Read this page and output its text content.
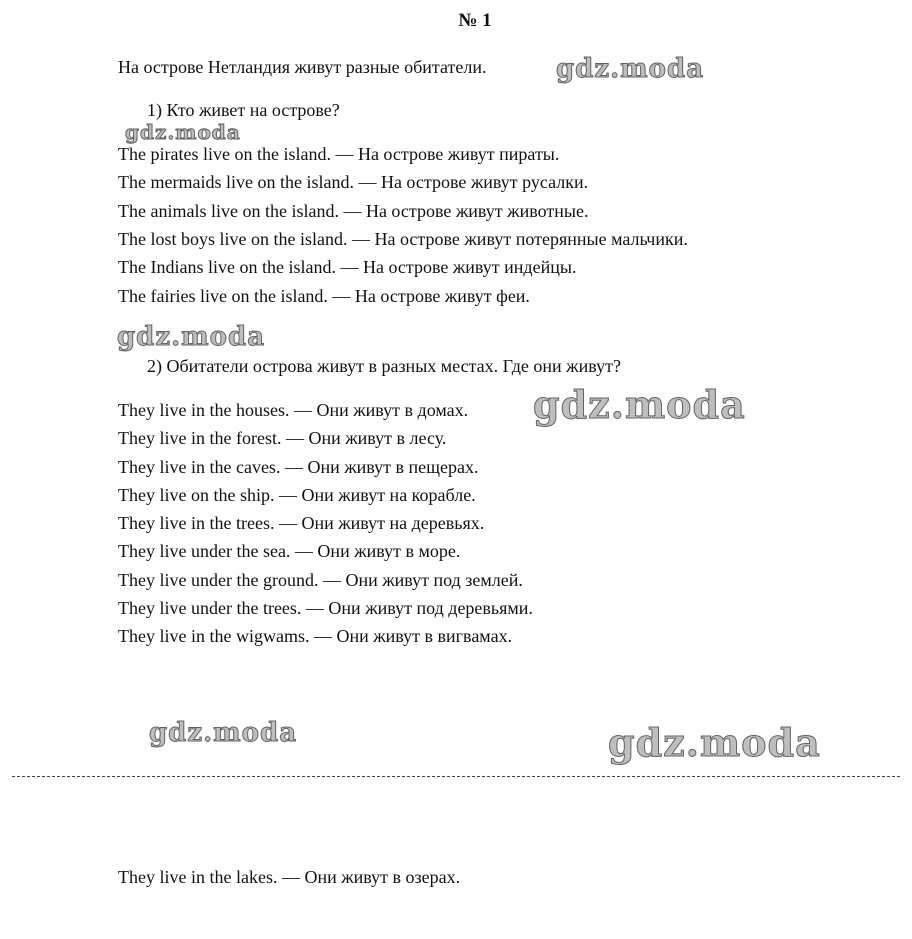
№ 1
На острове Нетландия живут разные обитатели.
1) Кто живет на острове?
The pirates live on the island. — На острове живут пираты.
The mermaids live on the island. — На острове живут русалки.
The animals live on the island. — На острове живут животные.
The lost boys live on the island. — На острове живут потерянные мальчики.
The Indians live on the island. — На острове живут индейцы.
The fairies live on the island. — На острове живут феи.
2) Обитатели острова живут в разных местах. Где они живут?
They live in the houses. — Они живут в домах.
They live in the forest. — Они живут в лесу.
They live in the caves. — Они живут в пещерах.
They live on the ship. — Они живут на корабле.
They live in the trees. — Они живут на деревьях.
They live under the sea. — Они живут в море.
They live under the ground. — Они живут под землей.
They live under the trees. — Они живут под деревьями.
They live in the wigwams. — Они живут в вигвамах.
They live in the lakes. — Они живут в озерах.
gdz.moda
gdz.moda
gdz.moda
gdz.moda
gdz.moda	gdz.moda
